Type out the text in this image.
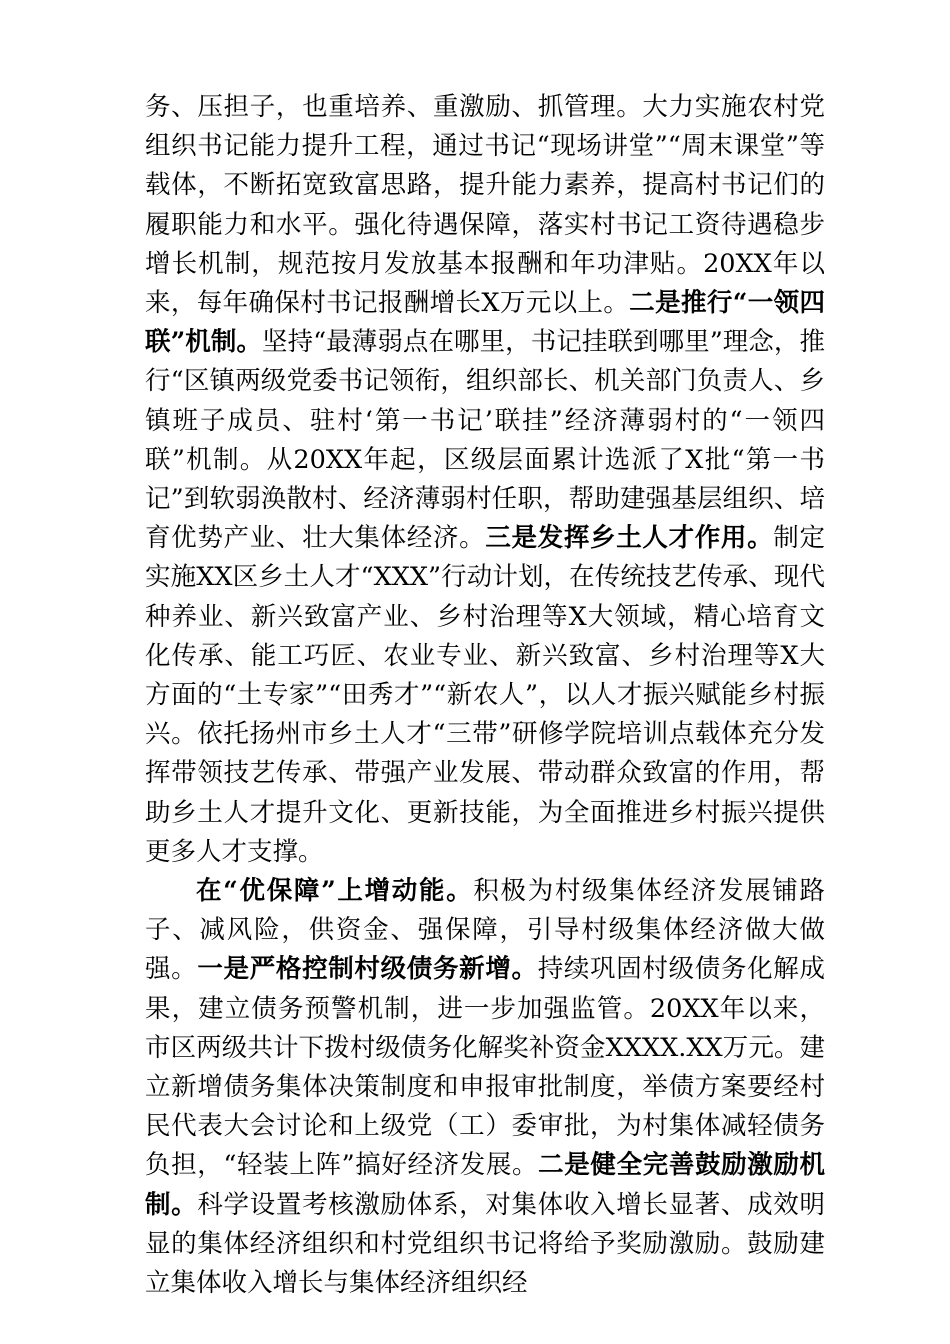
务、压担子，也重培养、重激励、抓管理。大力实施农村党组织书记能力提升工程，通过书记“现场讲堂”“周末课堂”等载体，不断拓宽致富思路，提升能力素养，提高村书记们的履职能力和水平。强化待遇保障，落实村书记工资待遇稳步增长机制，规范按月发放基本报酬和年功津贴。20XX年以来，每年确保村书记报酬增长X万元以上。二是推行“一领四联”机制。坚持“最薄弱点在哪里，书记挂联到哪里”理念，推行“区镇两级党委书记领衔，组织部长、机关部门负责人、乡镇班子成员、驻村‘第一书记’联挂”经济薄弱村的“一领四联”机制。从20XX年起，区级层面累计选派了X批“第一书记”到软弱涣散村、经济薄弱村任职，帮助建强基层组织、培育优势产业、壮大集体经济。三是发挥乡土人才作用。制定实施XX区乡土人才“XXX”行动计划，在传统技艺传承、现代种养业、新兴致富产业、乡村治理等X大领域，精心培育文化传承、能工巧匠、农业专业、新兴致富、乡村治理等X大方面的“土专家”“田秀才”“新农人”，以人才振兴赋能乡村振兴。依托扬州市乡土人才“三带”研修学院培训点载体充分发挥带领技艺传承、带强产业发展、带动群众致富的作用，帮助乡土人才提升文化、更新技能，为全面推进乡村振兴提供更多人才支撑。

在“优保障”上增动能。积极为村级集体经济发展铺路子、减风险，供资金、强保障，引导村级集体经济做大做强。一是严格控制村级债务新增。持续巩固村级债务化解成果，建立债务预警机制，进一步加强监管。20XX年以来，市区两级共计下拨村级债务化解奖补资金XXXX.XX万元。建立新增债务集体决策制度和申报审批制度，举债方案要经村民代表大会讨论和上级党（工）委审批，为村集体减轻债务负担，“轻装上阵”搞好经济发展。二是健全完善鼓励激励机制。科学设置考核激励体系，对集体收入增长显著、成效明显的集体经济组织和村党组织书记将给予奖励激励。鼓励建立集体收入增长与集体经济组织经
